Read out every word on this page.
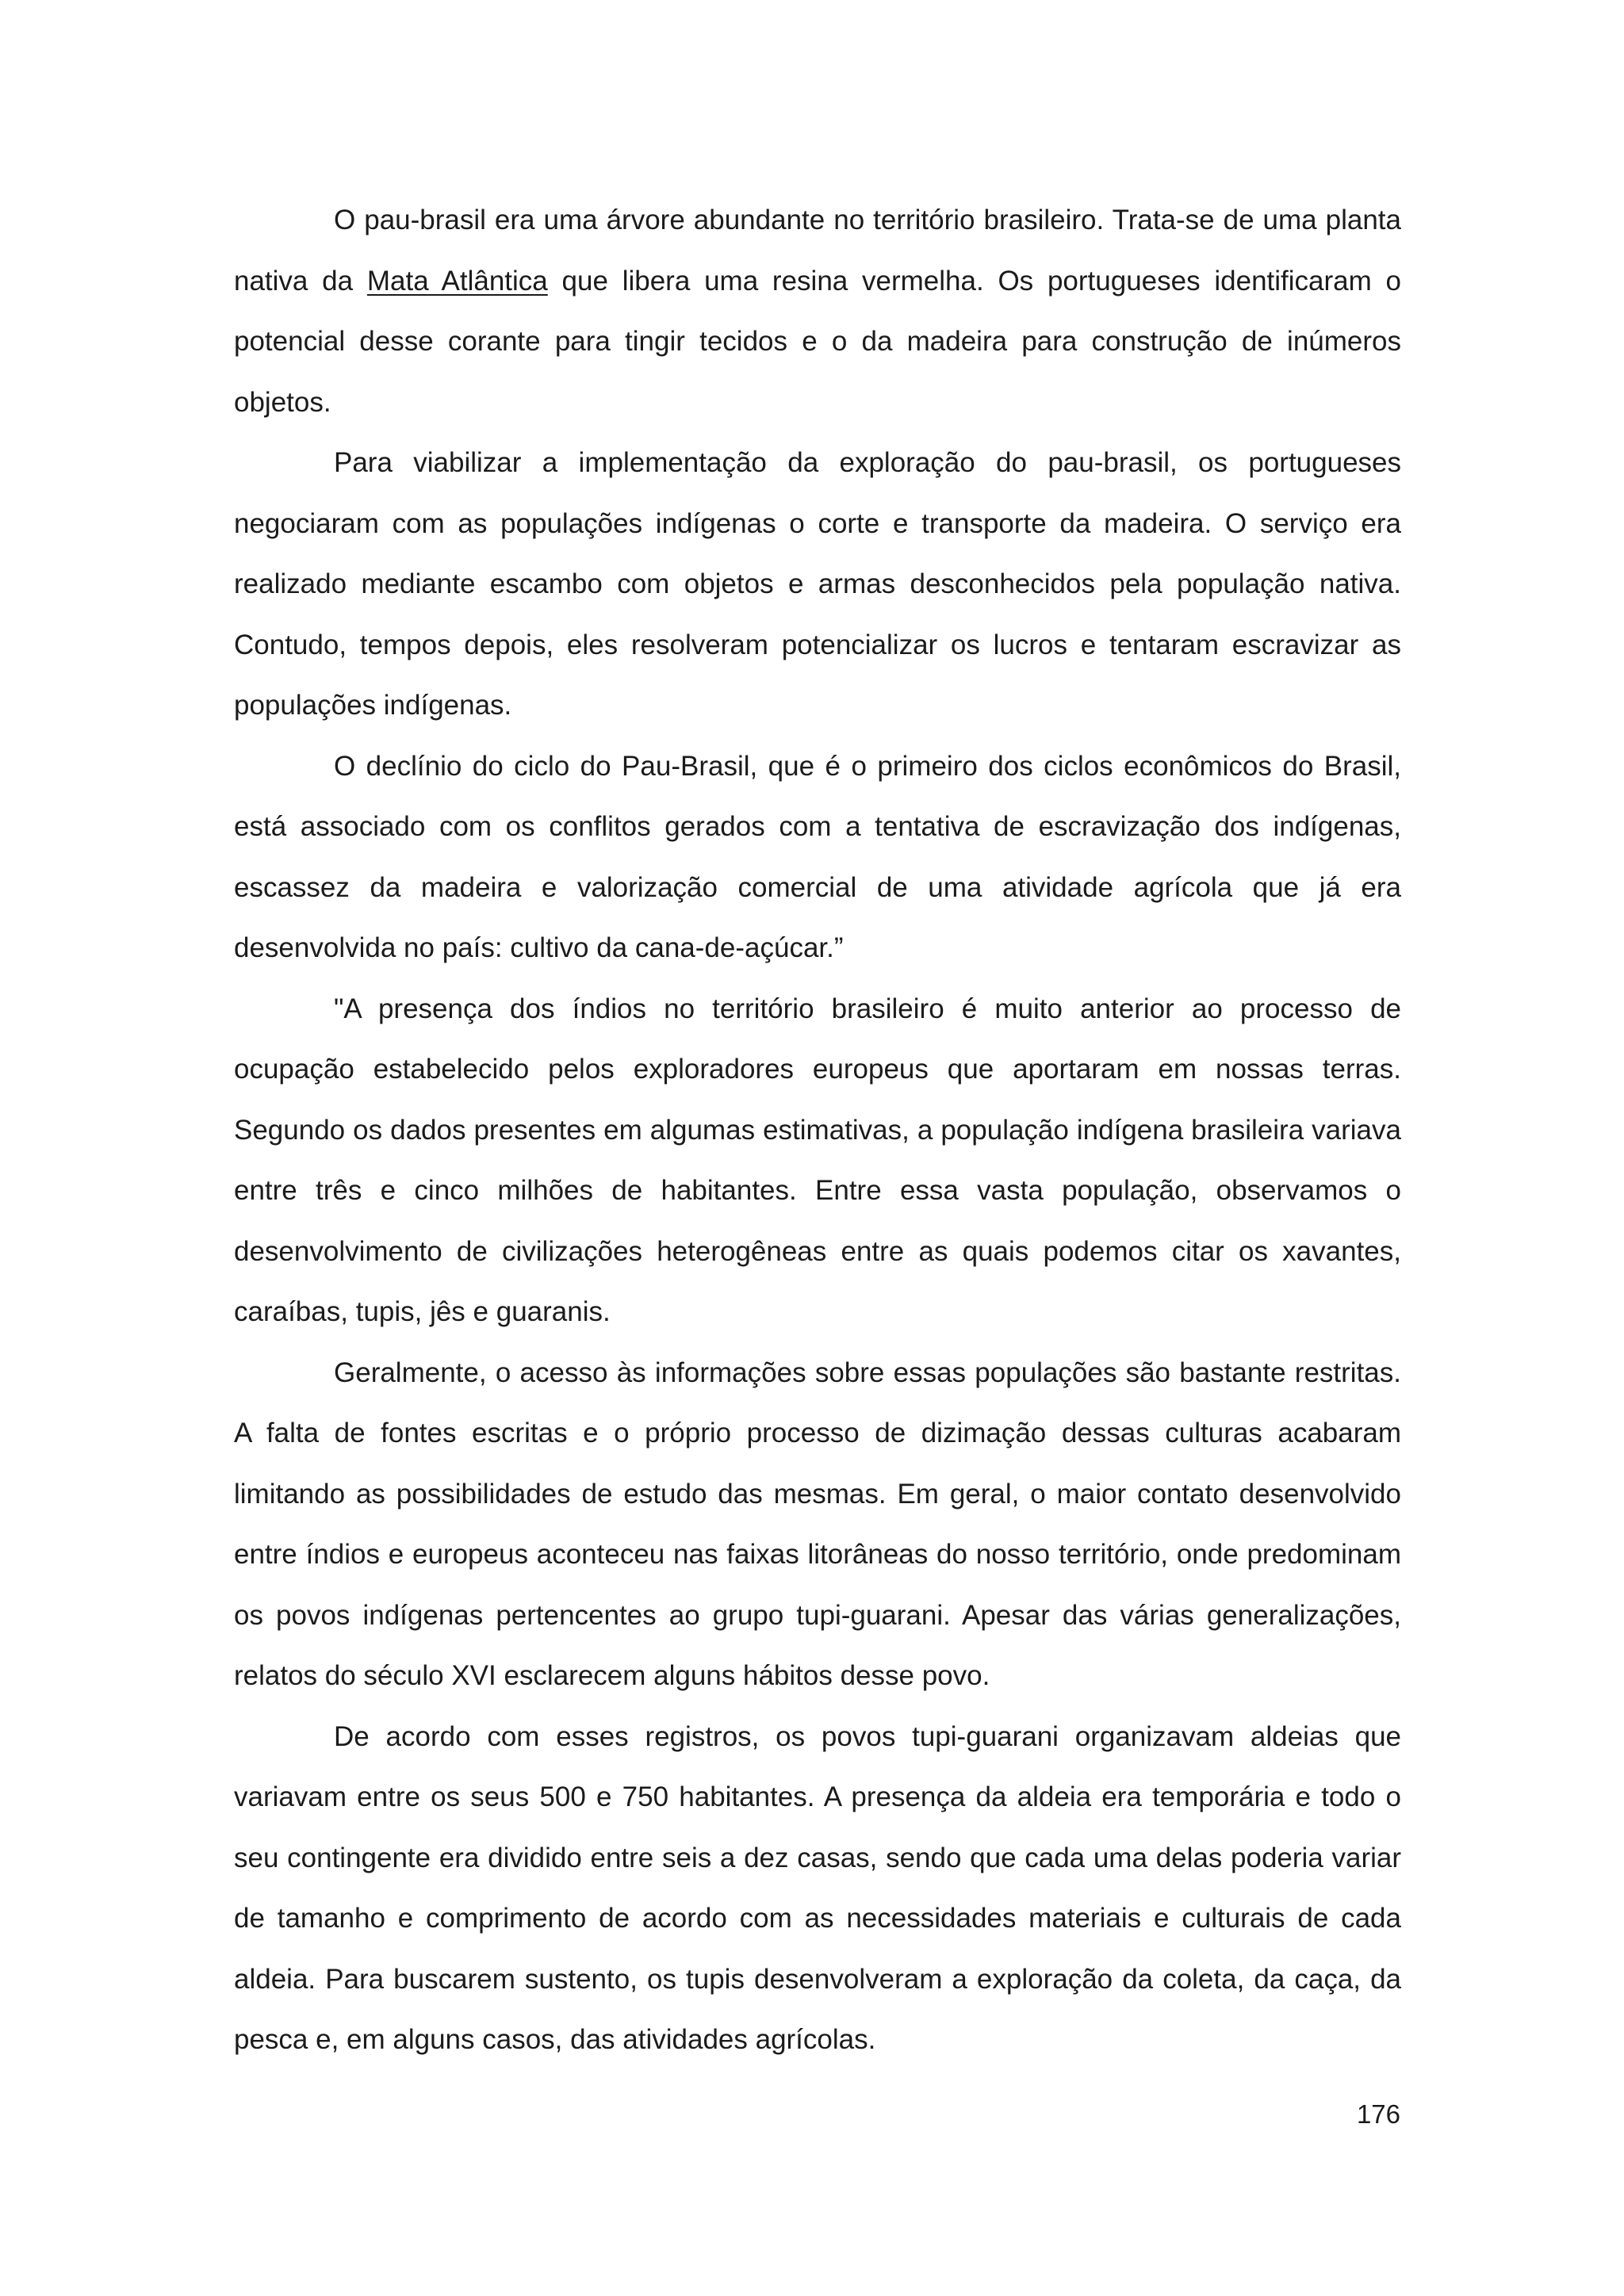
O pau-brasil era uma árvore abundante no território brasileiro. Trata-se de uma planta nativa da Mata Atlântica que libera uma resina vermelha. Os portugueses identificaram o potencial desse corante para tingir tecidos e o da madeira para construção de inúmeros objetos.

Para viabilizar a implementação da exploração do pau-brasil, os portugueses negociaram com as populações indígenas o corte e transporte da madeira. O serviço era realizado mediante escambo com objetos e armas desconhecidos pela população nativa. Contudo, tempos depois, eles resolveram potencializar os lucros e tentaram escravizar as populações indígenas.

O declínio do ciclo do Pau-Brasil, que é o primeiro dos ciclos econômicos do Brasil, está associado com os conflitos gerados com a tentativa de escravização dos indígenas, escassez da madeira e valorização comercial de uma atividade agrícola que já era desenvolvida no país: cultivo da cana-de-açúcar.”

"A presença dos índios no território brasileiro é muito anterior ao processo de ocupação estabelecido pelos exploradores europeus que aportaram em nossas terras. Segundo os dados presentes em algumas estimativas, a população indígena brasileira variava entre três e cinco milhões de habitantes. Entre essa vasta população, observamos o desenvolvimento de civilizações heterogêneas entre as quais podemos citar os xavantes, caraíbas, tupis, jês e guaranis.

Geralmente, o acesso às informações sobre essas populações são bastante restritas. A falta de fontes escritas e o próprio processo de dizimação dessas culturas acabaram limitando as possibilidades de estudo das mesmas. Em geral, o maior contato desenvolvido entre índios e europeus aconteceu nas faixas litorâneas do nosso território, onde predominam os povos indígenas pertencentes ao grupo tupi-guarani. Apesar das várias generalizações, relatos do século XVI esclarecem alguns hábitos desse povo.

De acordo com esses registros, os povos tupi-guarani organizavam aldeias que variavam entre os seus 500 e 750 habitantes. A presença da aldeia era temporária e todo o seu contingente era dividido entre seis a dez casas, sendo que cada uma delas poderia variar de tamanho e comprimento de acordo com as necessidades materiais e culturais de cada aldeia. Para buscarem sustento, os tupis desenvolveram a exploração da coleta, da caça, da pesca e, em alguns casos, das atividades agrícolas.

176
